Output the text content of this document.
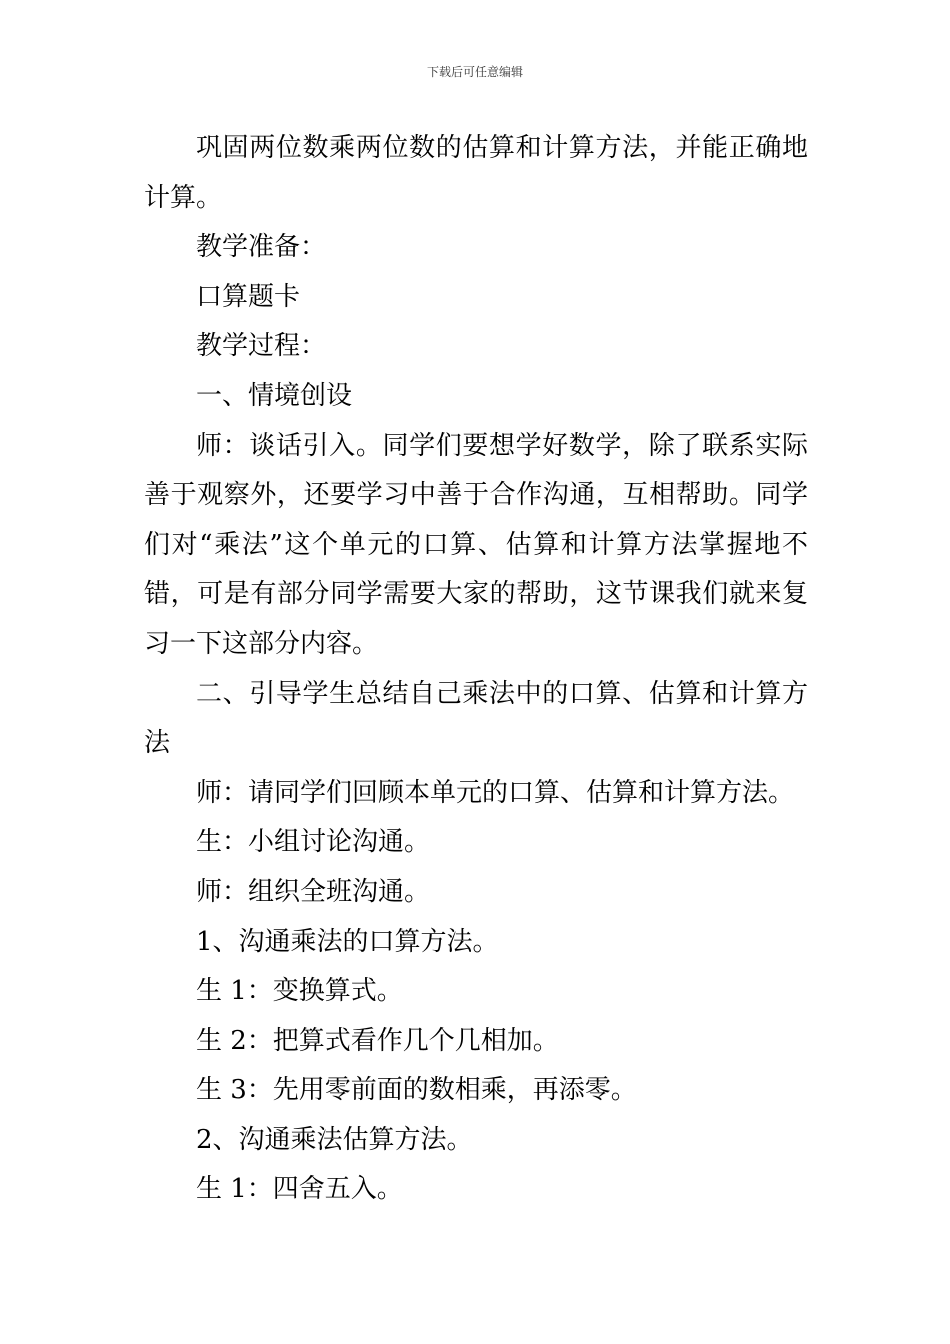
下载后可任意编辑

巩固两位数乘两位数的估算和计算方法，并能正确地计算。

教学准备：

口算题卡

教学过程：

一、情境创设

师：谈话引入。同学们要想学好数学，除了联系实际善于观察外，还要学习中善于合作沟通，互相帮助。同学们对“乘法”这个单元的口算、估算和计算方法掌握地不错，可是有部分同学需要大家的帮助，这节课我们就来复习一下这部分内容。

二、引导学生总结自己乘法中的口算、估算和计算方法

师：请同学们回顾本单元的口算、估算和计算方法。

生：小组讨论沟通。

师：组织全班沟通。

1、沟通乘法的口算方法。

生 1：变换算式。

生 2：把算式看作几个几相加。

生 3：先用零前面的数相乘，再添零。

2、沟通乘法估算方法。

生 1：四舍五入。
